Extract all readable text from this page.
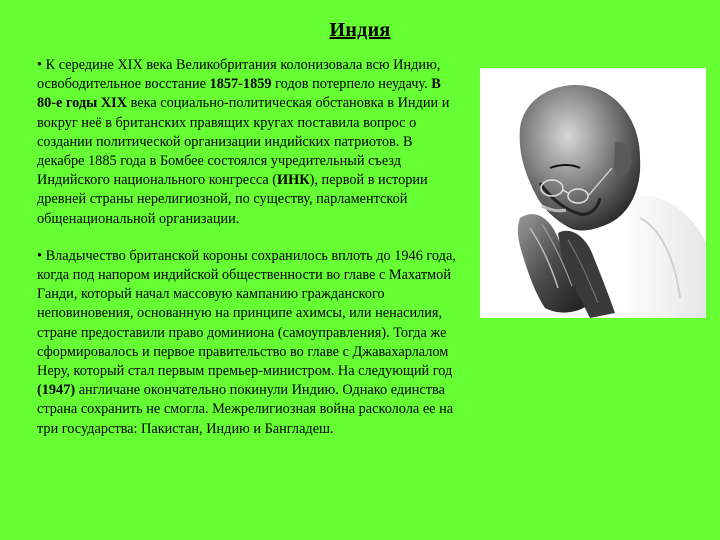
Индия

• К середине XIX века Великобритания колонизовала всю Индию, освободительное восстание 1857-1859 годов потерпело неудачу. В 80-е годы XIX века социально-политическая обстановка в Индии и вокруг неё в британских правящих кругах поставила вопрос о создании политической организации индийских патриотов. В декабре 1885 года в Бомбее состоялся учредительный съезд Индийского национального конгресса (ИНК), первой в истории древней страны нерелигиозной, по существу, парламентской общенациональной организации.

• Владычество британской короны сохранилось вплоть до 1946 года, когда под напором индийской общественности во главе с Махатмой Ганди, который начал массовую кампанию гражданского неповиновения, основанную на принципе ахимсы, или ненасилия, стране предоставили право доминиона (самоуправления). Тогда же сформировалось и первое правительство во главе с Джавахарлалом Неру, который стал первым премьер-министром. На следующий год (1947) англичане окончательно покинули Индию. Однако единства страна сохранить не смогла. Межрелигиозная война расколола ее на три государства: Пакистан, Индию и Бангладеш.
